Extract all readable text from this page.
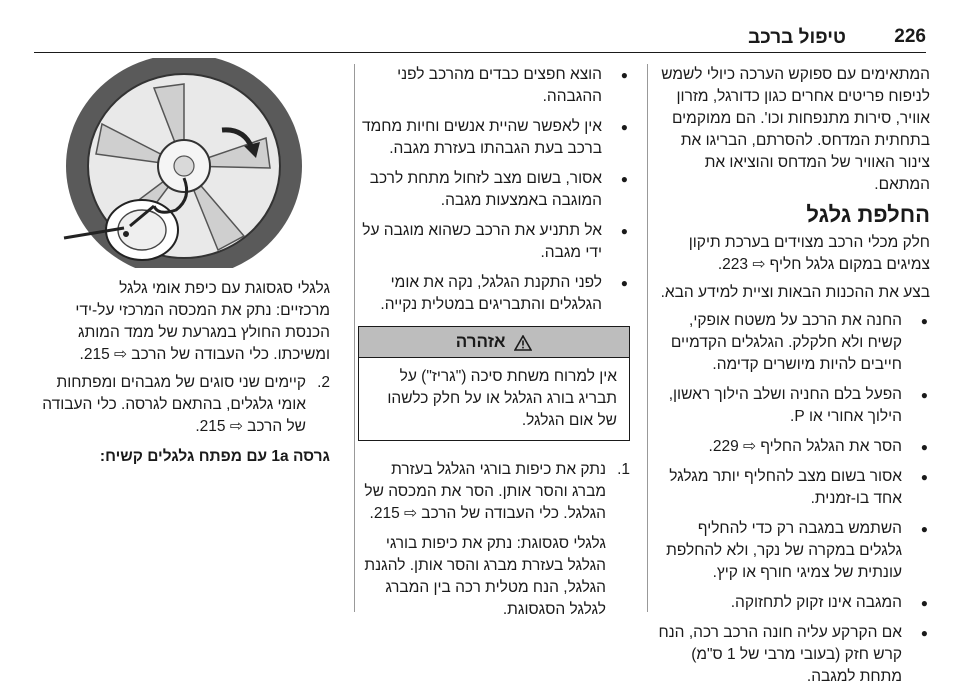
226
טיפול ברכב

המתאימים עם ספוקש הערכה כיולי לשמש לניפוח פריטים אחרים כגון כדורגל, מזרון אוויר, סירות מתנפחות וכו'. הם ממוקמים בתחתית המדחס. להסרתם, הבריגו את צינור האוויר של המדחס והוציאו את המתאם.

החלפת גלגל

חלק מכלי הרכב מצוידים בערכת תיקון צמיגים במקום גלגל חליף ⇨ 223.

בצע את ההכנות הבאות וציית למידע הבא.

● החנה את הרכב על משטח אופקי, קשיח ולא חלקלק. הגלגלים הקדמיים חייבים להיות מיושרים קדימה.
● הפעל בלם החניה ושלב הילוך ראשון, הילוך אחורי או P.
● הסר את הגלגל החליף ⇨ 229.
● אסור בשום מצב להחליף יותר מגלגל אחד בו-זמנית.
● השתמש במגבה רק כדי להחליף גלגלים במקרה של נקר, ולא להחלפת עונתית של צמיגי חורף או קיץ.
● המגבה אינו זקוק לתחזוקה.
● אם הקרקע עליה חונה הרכב רכה, הנח קרש חזק (בעובי מרבי של 1 ס"מ) מתחת למגבה.
● הוצא חפצים כבדים מהרכב לפני ההגבהה.
● אין לאפשר שהיית אנשים וחיות מחמד ברכב בעת הגבהתו בעזרת מגבה.
● אסור, בשום מצב לזחול מתחת לרכב המוגבה באמצעות מגבה.
● אל תתניע את הרכב כשהוא מוגבה על ידי מגבה.
● לפני התקנת הגלגל, נקה את אומי הגלגלים והתבריגים במטלית נקייה.
אזהרה
אין למרוח משחת סיכה ("גריז") על תבריג בורג הגלגל או על חלק כלשהו של אום הגלגל.
1.
נתק את כיפות בורגי הגלגל בעזרת מברג והסר אותן. הסר את המכסה של הגלגל. כלי העבודה של הרכב ⇨ 215.
גלגלי סגסוגת: נתק את כיפות בורגי הגלגל בעזרת מברג והסר אותן. להגנת הגלגל, הנח מטלית רכה בין המברג לגלגל הסגסוגת.

גלגלי סגסוגת עם כיפת אומי גלגל

מרכזיים: נתק את המכסה המרכזי על-ידי הכנסת החולץ במגרעת של ממד המותג ומשיכתו. כלי העבודה של הרכב ⇨ 215.

2.
קיימים שני סוגים של מגבהים ומפתחות אומי גלגלים, בהתאם לגרסה. כלי העבודה של הרכב ⇨ 215.

גרסה 1a עם מפתח גלגלים קשיח:
